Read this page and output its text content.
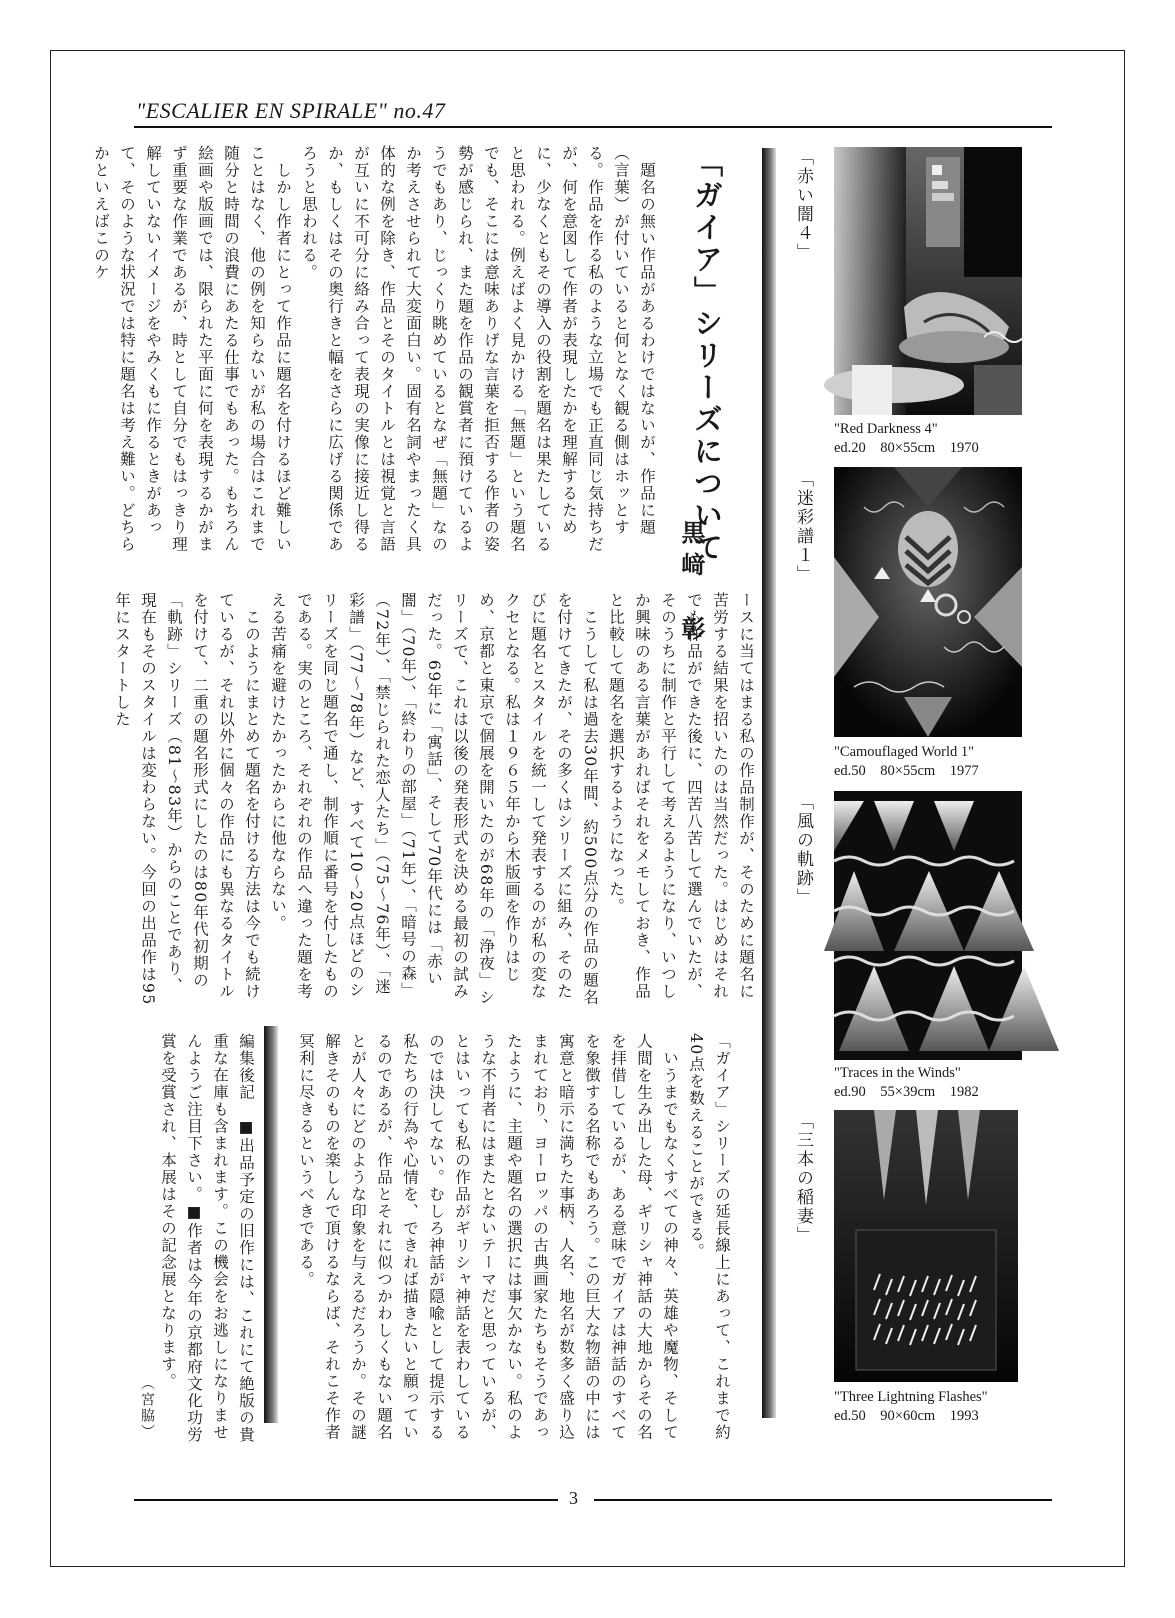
"ESCALIER EN SPIRALE" no.47
「ガイア」シリーズについて
黒﨑　彰
　題名の無い作品があるわけではないが、作品に題（言葉）が付いていると何となく観る側はホッとする。作品を作る私のような立場でも正直同じ気持ちだが、何を意図して作者が表現したかを理解するために、少なくともその導入の役割を題名は果たしていると思われる。例えばよく見かける「無題」という題名でも、そこには意味ありげな言葉を拒否する作者の姿勢が感じられ、また題を作品の観賞者に預けているようでもあり、じっくり眺めているとなぜ「無題」なのか考えさせられて大変面白い。固有名詞やまったく具体的な例を除き、作品とそのタイトルとは視覚と言語が互いに不可分に絡み合って表現の実像に接近し得るか、もしくはその奥行きと幅をさらに広げる関係であろうと思われる。
　しかし作者にとって作品に題名を付けるほど難しいことはなく、他の例を知らないが私の場合はこれまで随分と時間の浪費にあたる仕事でもあった。もちろん絵画や版画では、限られた平面に何を表現するかがまず重要な作業であるが、時として自分でもはっきり理解していないイメージをやみくもに作るときがあって、そのような状況では特に題名は考え難い。どちらかといえばこのケ
ースに当てはまる私の作品制作が、そのために題名に苦労する結果を招いたのは当然だった。はじめはそれでも作品ができた後に、四苦八苦して選んでいたが、そのうちに制作と平行して考えるようになり、いつしか興味のある言葉があればそれをメモしておき、作品と比較して題名を選択するようになった。
　こうして私は過去30年間、約500点分の作品の題名を付けてきたが、その多くはシリーズに組み、そのたびに題名とスタイルを統一して発表するのが私の変なクセとなる。私は１９６５年から木版画を作りはじめ、京都と東京で個展を開いたのが68年の「浄夜」シリーズで、これは以後の発表形式を決める最初の試みだった。69年に「寓話」、そして70年代には「赤い闇」（70年）、「終わりの部屋」（71年）、「暗号の森」（72年）、「禁じられた恋人たち」（75〜76年）、「迷彩譜」（77〜78年）など、すべて10〜20点ほどのシリーズを同じ題名で通し、制作順に番号を付したものである。実のところ、それぞれの作品へ違った題を考える苦痛を避けたかったからに他ならない。
　このようにまとめて題名を付ける方法は今でも続けているが、それ以外に個々の作品にも異なるタイトルを付けて、二重の題名形式にしたのは80年代初期の「軌跡」シリーズ（81〜83年）からのことであり、現在もそのスタイルは変わらない。今回の出品作は95年にスタートした
「ガイア」シリーズの延長線上にあって、これまで約40点を数えることができる。
　いうまでもなくすべての神々、英雄や魔物、そして人間を生み出した母、ギリシャ神話の大地からその名を拝借しているが、ある意味でガイアは神話のすべてを象徴する名称でもあろう。この巨大な物語の中には寓意と暗示に満ちた事柄、人名、地名が数多く盛り込まれており、ヨーロッパの古典画家たちもそうであったように、主題や題名の選択には事欠かない。私のような不肖者にはまたとないテーマだと思っているが、とはいっても私の作品がギリシャ神話を表わしているのでは決してない。むしろ神話が隠喩として提示する私たちの行為や心情を、できれば描きたいと願っているのであるが、作品とそれに似つかわしくもない題名とが人々にどのような印象を与えるだろうか。その謎解きそのものを楽しんで頂けるならば、それこそ作者冥利に尽きるというべきである。
編集後記　■出品予定の旧作には、これにて絶版の貴重な在庫も含まれます。この機会をお逃しになりませんようご注目下さい。■作者は今年の京都府文化功労賞を受賞され、本展はその記念展となります。
（宮脇）
「赤い闇４」
"Red Darkness 4"
ed.20　80×55cm　1970
「迷彩譜１」
"Camouflaged World 1"
ed.50　80×55cm　1977
「風の軌跡」
"Traces in the Winds"
ed.90　55×39cm　1982
「三本の稲妻」
"Three Lightning Flashes"
ed.50　90×60cm　1993
3
